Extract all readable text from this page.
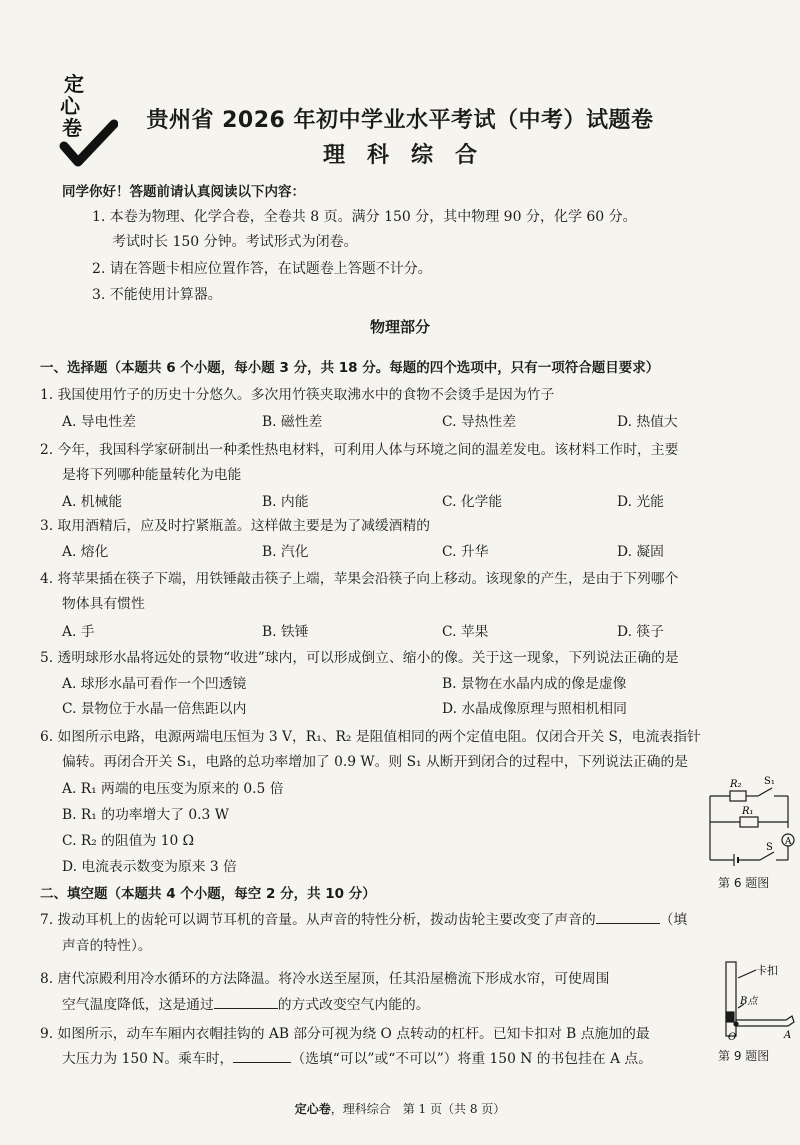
定
心
卷	贵州省 2026 年初中学业水平考试（中考）试题卷
理科综合
同学你好！答题前请认真阅读以下内容：
1. 本卷为物理、化学合卷，全卷共 8 页。满分 150 分，其中物理 90 分，化学 60 分。
考试时长 150 分钟。考试形式为闭卷。
2. 请在答题卡相应位置作答，在试题卷上答题不计分。
3. 不能使用计算器。
物理部分
一、选择题（本题共 6 个小题，每小题 3 分，共 18 分。每题的四个选项中，只有一项符合题目要求）
1. 我国使用竹子的历史十分悠久。多次用竹筷夹取沸水中的食物不会烫手是因为竹子
A. 导电性差	B. 磁性差	C. 导热性差	D. 热值大
2. 今年，我国科学家研制出一种柔性热电材料，可利用人体与环境之间的温差发电。该材料工作时，主要
是将下列哪种能量转化为电能
A. 机械能	B. 内能	C. 化学能	D. 光能
3. 取用酒精后，应及时拧紧瓶盖。这样做主要是为了减缓酒精的
A. 熔化	B. 汽化	C. 升华	D. 凝固
4. 将苹果插在筷子下端，用铁锤敲击筷子上端，苹果会沿筷子向上移动。该现象的产生，是由于下列哪个
物体具有惯性
A. 手	B. 铁锤	C. 苹果	D. 筷子
5. 透明球形水晶将远处的景物“收进”球内，可以形成倒立、缩小的像。关于这一现象，下列说法正确的是
A. 球形水晶可看作一个凹透镜	B. 景物在水晶内成的像是虚像
C. 景物位于水晶一倍焦距以内	D. 水晶成像原理与照相机相同
6. 如图所示电路，电源两端电压恒为 3 V，R₁、R₂ 是阻值相同的两个定值电阻。仅闭合开关 S，电流表指针
偏转。再闭合开关 S₁，电路的总功率增加了 0.9 W。则 S₁ 从断开到闭合的过程中，下列说法正确的是
A. R₁ 两端的电压变为原来的 0.5 倍
B. R₁ 的功率增大了 0.3 W
C. R₂ 的阻值为 10 Ω
D. 电流表示数变为原来 3 倍
R₂ S₁
R₁
A
S
第 6 题图
二、填空题（本题共 4 个小题，每空 2 分，共 10 分）
7. 拨动耳机上的齿轮可以调节耳机的音量。从声音的特性分析，拨动齿轮主要改变了声音的	（填
声音的特性）。
8. 唐代凉殿利用冷水循环的方法降温。将冷水送至屋顶，任其沿屋檐流下形成水帘，可使周围
空气温度降低，这是通过	的方式改变空气内能的。
9. 如图所示，动车车厢内衣帽挂钩的 AB 部分可视为绕 O 点转动的杠杆。已知卡扣对 B 点施加的最
大压力为 150 N。乘车时，	（选填“可以”或“不可以”）将重 150 N 的书包挂在 A 点。
卡扣
B点
O	A
第 9 题图
定心卷，理科综合　第 1 页（共 8 页）
